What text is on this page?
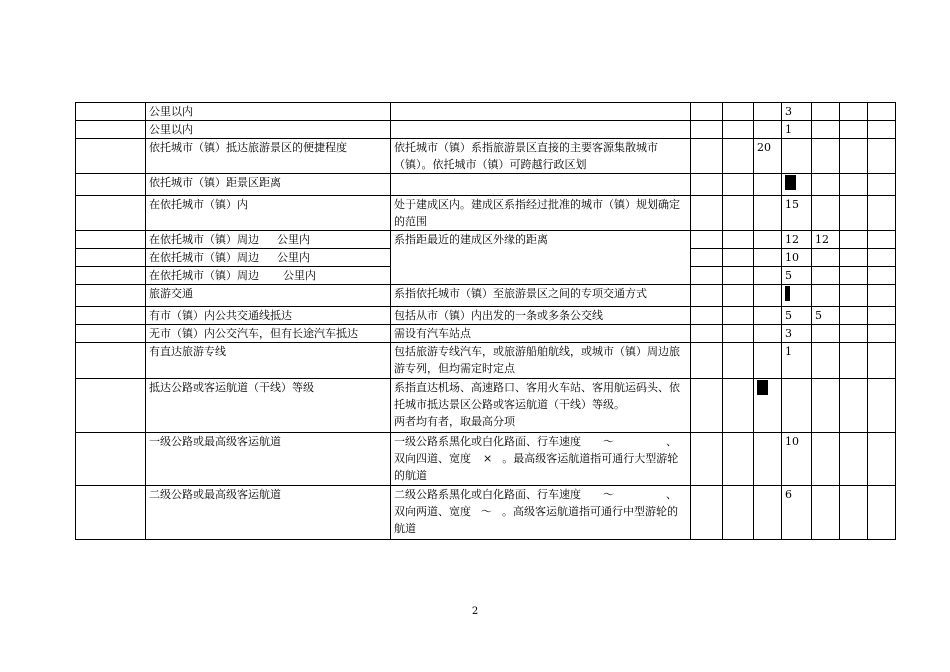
	公里以内					3			
	公里以内					1			
	依托城市（镇）抵达旅游景区的便捷程度	依托城市（镇）系指旅游景区直接的主要客源集散城市（镇）。依托城市（镇）可跨越行政区划			20				
	依托城市（镇）距景区距离								
	在依托城市（镇）内	处于建成区内。建成区系指经过批准的城市（镇）规划确定的范围				15			
	在依托城市（镇）周边 公里内	系指距最近的建成区外缘的距离				12	12		
	在依托城市（镇）周边 公里内					10			
	在依托城市（镇）周边 公里内					5			
	旅游交通	系指依托城市（镇）至旅游景区之间的专项交通方式							
	有市（镇）内公共交通线抵达	包括从市（镇）内出发的一条或多条公交线				5	5		
	无市（镇）内公交汽车，但有长途汽车抵达	需设有汽车站点				3			
	有直达旅游专线	包括旅游专线汽车，或旅游船舶航线，或城市（镇）周边旅游专列，但均需定时定点				1			
	抵达公路或客运航道（干线）等级	系指直达机场、高速路口、客用火车站、客用航运码头、依托城市抵达景区公路或客运航道（干线）等级。
两者均有者，取最高分项							
	一级公路或最高级客运航道	一级公路系黑化或白化路面、行车速度 ～ 、
双向四道、宽度 × 。最高级客运航道指可通行大型游轮的航道				10			
	二级公路或最高级客运航道	二级公路系黑化或白化路面、行车速度 ～ 、
双向两道、宽度 ～ 。高级客运航道指可通行中型游轮的航道				6			
2
